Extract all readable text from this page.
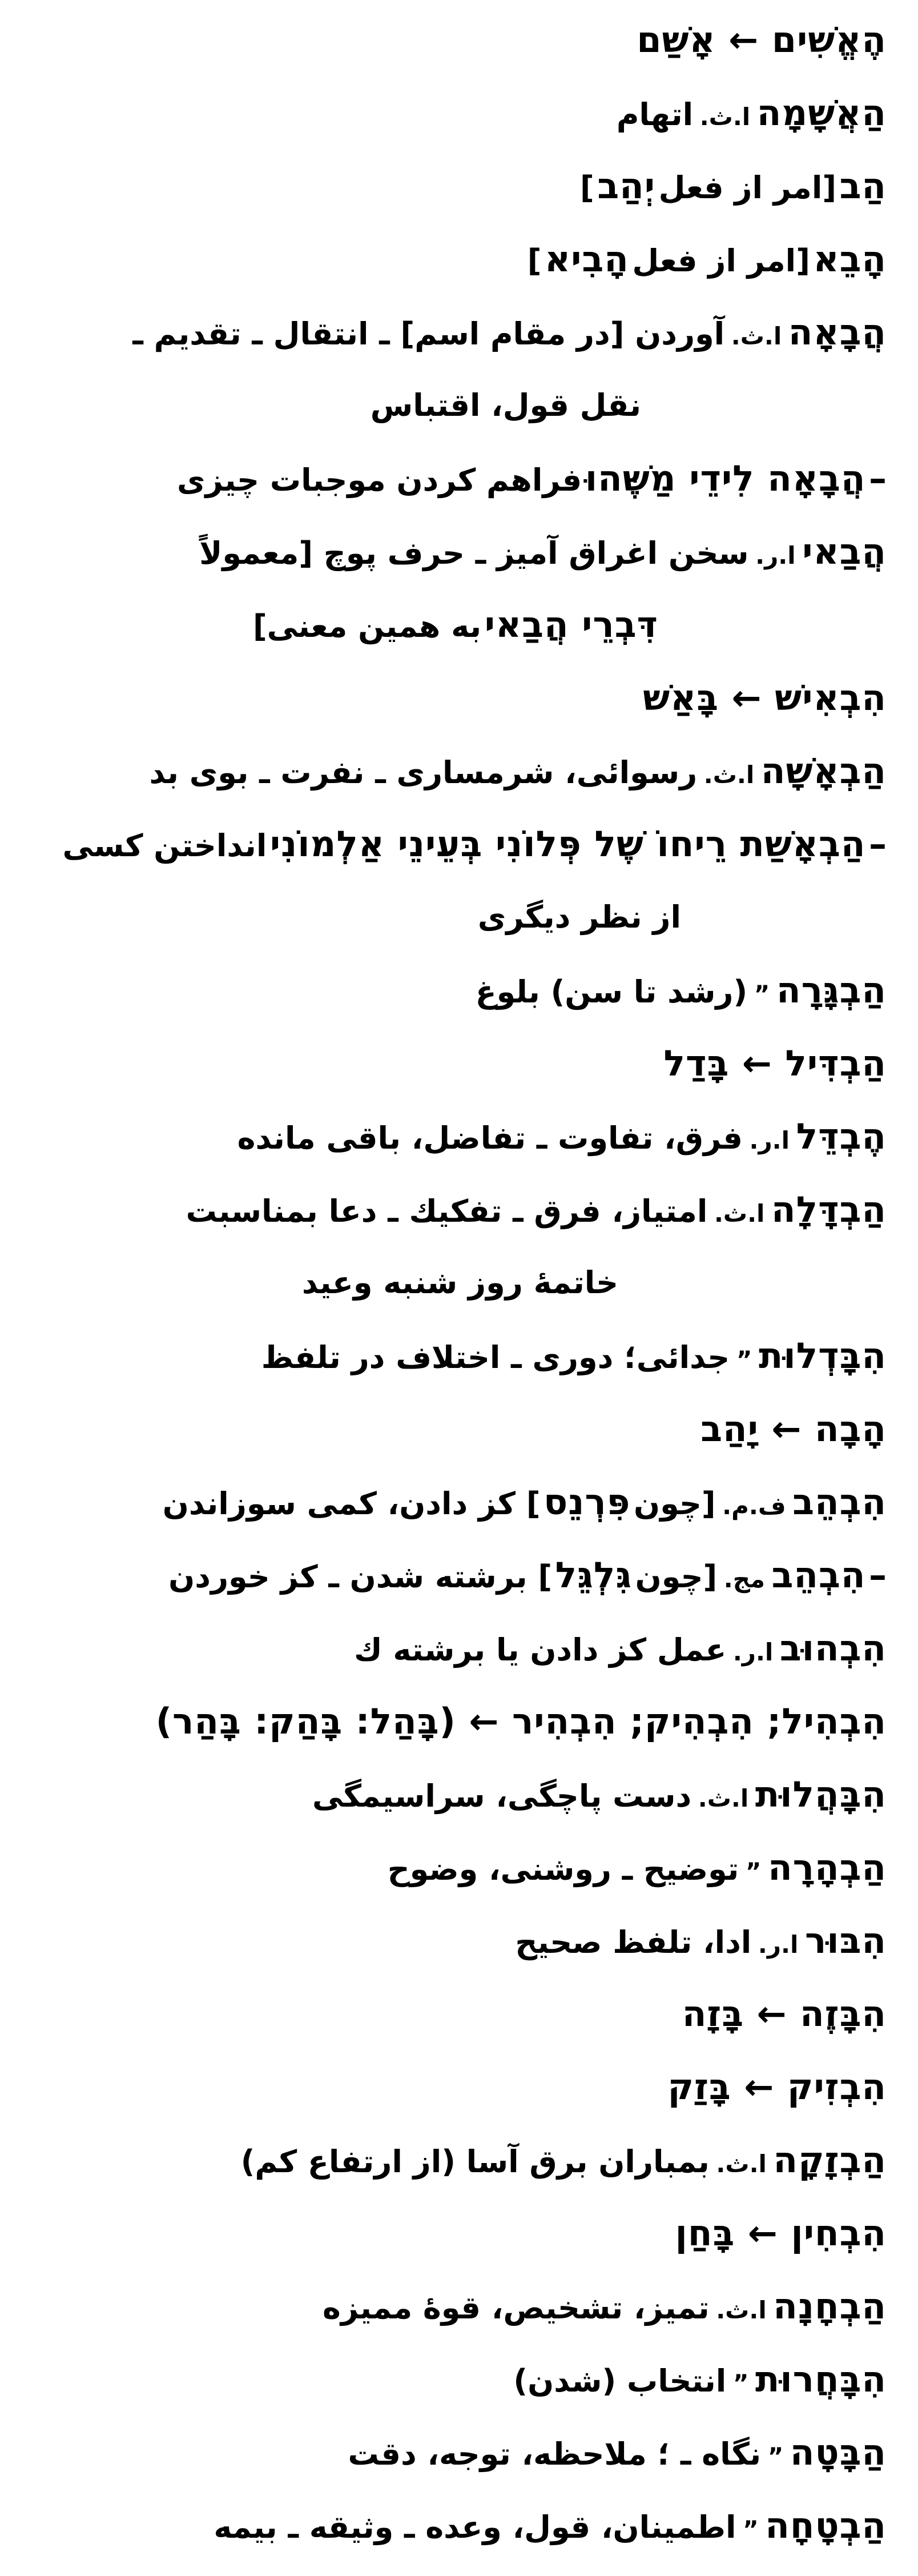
הֶאֱשִׁים ← אָשַׁם
הַאֲשָׁמָה ا.ث. اتهام
הַב [امر از فعل יְהַב ]
הָבֵא [امر از فعل הָבִיא ]
הֲבָאָה ا.ث. آوردن [در مقام اسم] ـ انتقال ـ تقدیم ـ
نقل قول، اقتباس
– הֲבָאָה לִידֵי מַשֶּׁהוּ فراهم کردن موجبات چیزی
הֲבַאי ا.ر. سخن اغراق آمیز ـ حرف پوچ [معمولاً
דִּבְרֵי הֲבַאי به همین معنی]
הִבְאִישׁ ← בָּאַשׁ
הַבְאָשָׁה ا.ث. رسوائی، شرمساری ـ نفرت ـ بوی بد
– הַבְאָשַׁת רֵיחוֹ שֶׁל פְּלוֹנִי בְּעֵינֵי אַלְמוֹנִי انداختن کسی
از نظر دیگری
הַבְגָּרָה ” (رشد تا سن) بلوغ
הַבְדִּיל ← בָּדַל
הֶבְדֵּל ا.ر. فرق، تفاوت ـ تفاضل، باقی مانده
הַבְדָּלָה ا.ث. امتیاز، فرق ـ تفکیك ـ دعا بمناسبت
خاتمهٔ روز شنبه وعید
הִבָּדְלוּת ” جدائی؛ دوری ـ اختلاف در تلفظ
הָבָה ← יָהַב
הִבְהֵב ف.م. [چون פִּרְנֵס ] کز دادن، کمی سوزاندن
– הִבְהֵב مج. [چون גִּלְגֵּל ] برشته شدن ـ کز خوردن
הִבְהוּב ا.ر. عمل کز دادن یا برشته ك
הִבְהִיל; הִבְהִיק; הִבְהִיר ← (בָּהַל: בָּהַק: בָּהַר)
הִבָּהֲלוּת ا.ث. دست پاچگی، سراسیمگی
הַבְהָרָה ” توضیح ـ روشنی، وضوح
הִבּוּר ا.ر. ادا، تلفظ صحیح
הִבָּזֶה ← בָּזָה
הִבְזִיק ← בָּזַק
הַבְזָקָה ا.ث. بمباران برق آسا (از ارتفاع کم)
הִבְחִין ← בָּחַן
הַבְחָנָה ا.ث. تمیز، تشخیص، قوهٔ ممیزه
הִבָּחֲרוּת ” انتخاب (شدن)
הַבָּטָה ” نگاه ـ ؛ ملاحظه، توجه، دقت
הַבְטָחָה ” اطمینان، قول، وعده ـ وثیقه ـ بیمه
